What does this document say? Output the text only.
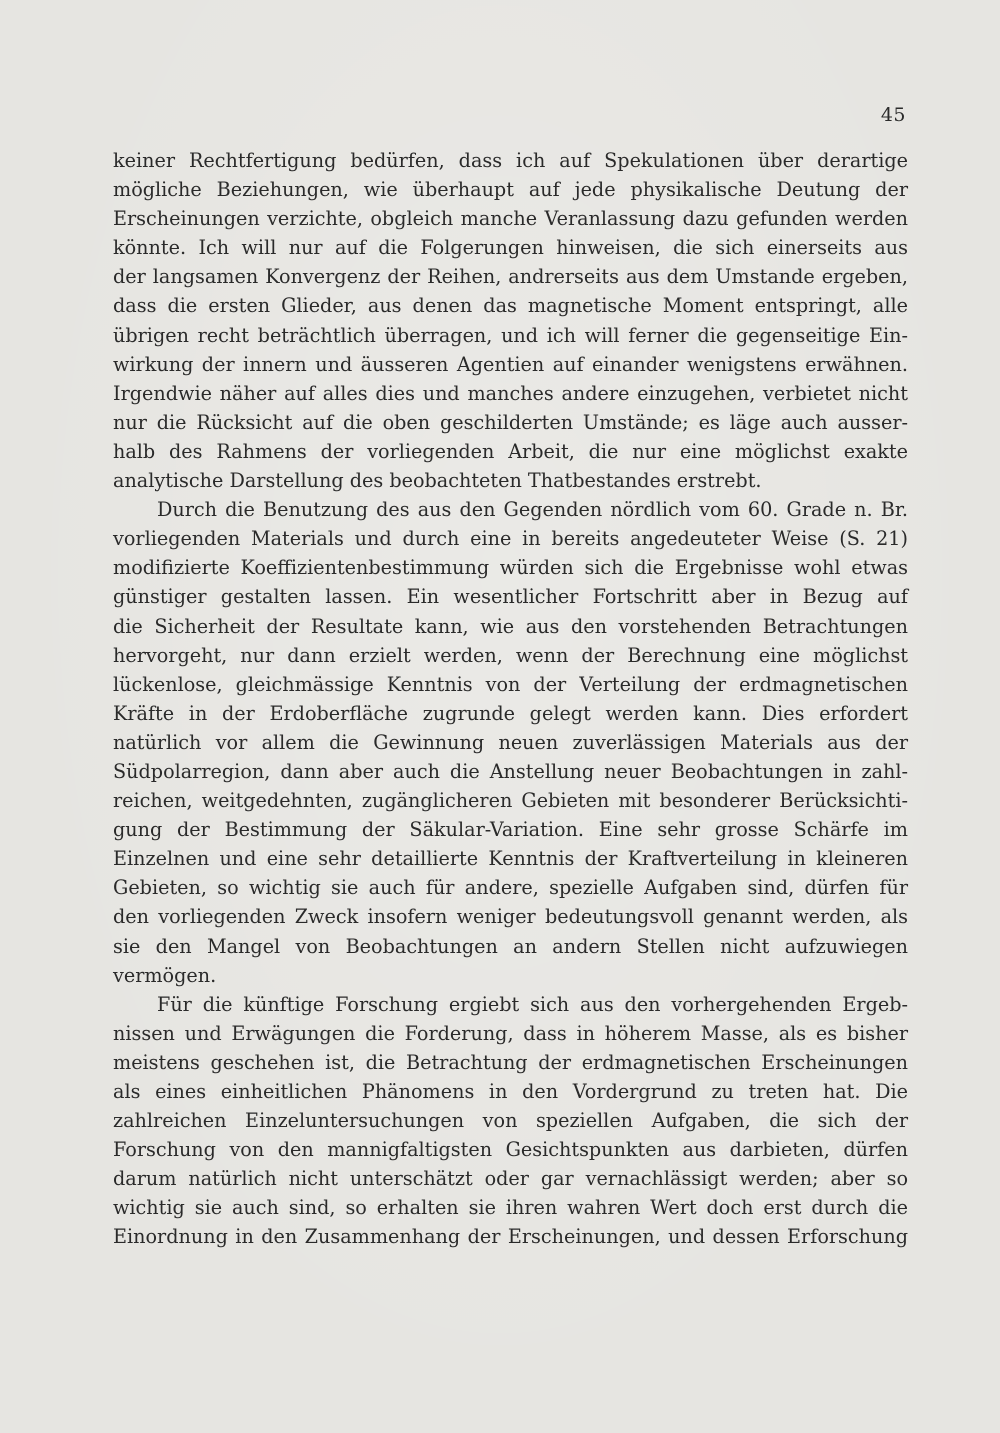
45
keiner Rechtfertigung bedürfen, dass ich auf Spekulationen über derartige
mögliche Beziehungen, wie überhaupt auf jede physikalische Deutung der
Erscheinungen verzichte, obgleich manche Veranlassung dazu gefunden werden
könnte. Ich will nur auf die Folgerungen hinweisen, die sich einerseits aus
der langsamen Konvergenz der Reihen, andrerseits aus dem Umstande ergeben,
dass die ersten Glieder, aus denen das magnetische Moment entspringt, alle
übrigen recht beträchtlich überragen, und ich will ferner die gegenseitige Ein-
wirkung der innern und äusseren Agentien auf einander wenigstens erwähnen.
Irgendwie näher auf alles dies und manches andere einzugehen, verbietet nicht
nur die Rücksicht auf die oben geschilderten Umstände; es läge auch ausser-
halb des Rahmens der vorliegenden Arbeit, die nur eine möglichst exakte
analytische Darstellung des beobachteten Thatbestandes erstrebt.
Durch die Benutzung des aus den Gegenden nördlich vom 60. Grade n. Br.
vorliegenden Materials und durch eine in bereits angedeuteter Weise (S. 21)
modifizierte Koeffizientenbestimmung würden sich die Ergebnisse wohl etwas
günstiger gestalten lassen. Ein wesentlicher Fortschritt aber in Bezug auf
die Sicherheit der Resultate kann, wie aus den vorstehenden Betrachtungen
hervorgeht, nur dann erzielt werden, wenn der Berechnung eine möglichst
lückenlose, gleichmässige Kenntnis von der Verteilung der erdmagnetischen
Kräfte in der Erdoberfläche zugrunde gelegt werden kann. Dies erfordert
natürlich vor allem die Gewinnung neuen zuverlässigen Materials aus der
Südpolarregion, dann aber auch die Anstellung neuer Beobachtungen in zahl-
reichen, weitgedehnten, zugänglicheren Gebieten mit besonderer Berücksichti-
gung der Bestimmung der Säkular-Variation. Eine sehr grosse Schärfe im
Einzelnen und eine sehr detaillierte Kenntnis der Kraftverteilung in kleineren
Gebieten, so wichtig sie auch für andere, spezielle Aufgaben sind, dürfen für
den vorliegenden Zweck insofern weniger bedeutungsvoll genannt werden, als
sie den Mangel von Beobachtungen an andern Stellen nicht aufzuwiegen
vermögen.
Für die künftige Forschung ergiebt sich aus den vorhergehenden Ergeb-
nissen und Erwägungen die Forderung, dass in höherem Masse, als es bisher
meistens geschehen ist, die Betrachtung der erdmagnetischen Erscheinungen
als eines einheitlichen Phänomens in den Vordergrund zu treten hat. Die
zahlreichen Einzeluntersuchungen von speziellen Aufgaben, die sich der
Forschung von den mannigfaltigsten Gesichtspunkten aus darbieten, dürfen
darum natürlich nicht unterschätzt oder gar vernachlässigt werden; aber so
wichtig sie auch sind, so erhalten sie ihren wahren Wert doch erst durch die
Einordnung in den Zusammenhang der Erscheinungen, und dessen Erforschung
